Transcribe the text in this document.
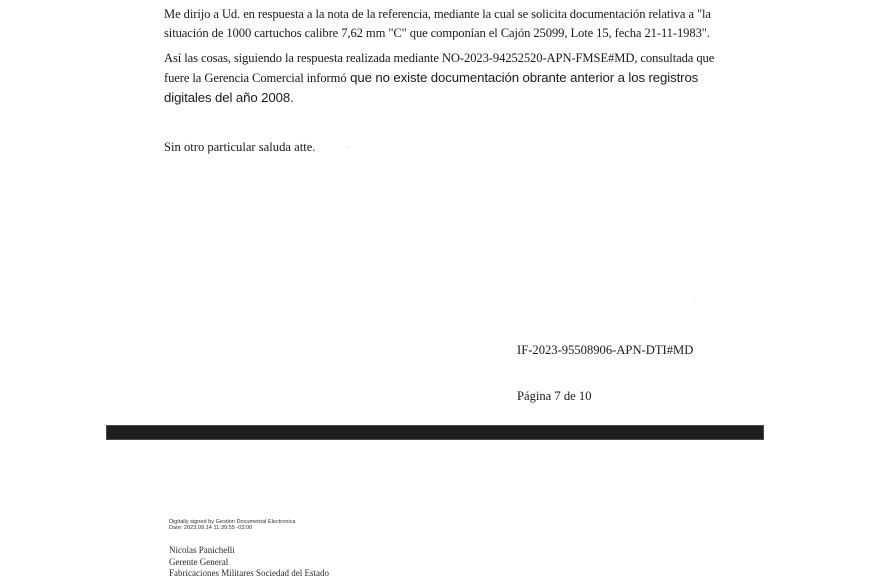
Me dirijo a Ud. en respuesta a la nota de la referencia, mediante la cual se solicita documentación relativa a "la situación de 1000 cartuchos calibre 7,62 mm "C" que componían el Cajón 25099, Lote 15, fecha 21-11-1983".

Así las cosas, siguiendo la respuesta realizada mediante NO-2023-94252520-APN-FMSE#MD, consultada que fuere la Gerencia Comercial informó que no existe documentación obrante anterior a los registros digitales del año 2008.

Sin otro particular saluda atte.
IF-2023-95508906-APN-DTI#MD
Página 7 de 10
Digitally signed by Gestion Documental Electronica
Date: 2023.09.14 11:39:55 -03:00
Nicolas Panichelli
Gerente General
Fabricaciones Militares Sociedad del Estado
